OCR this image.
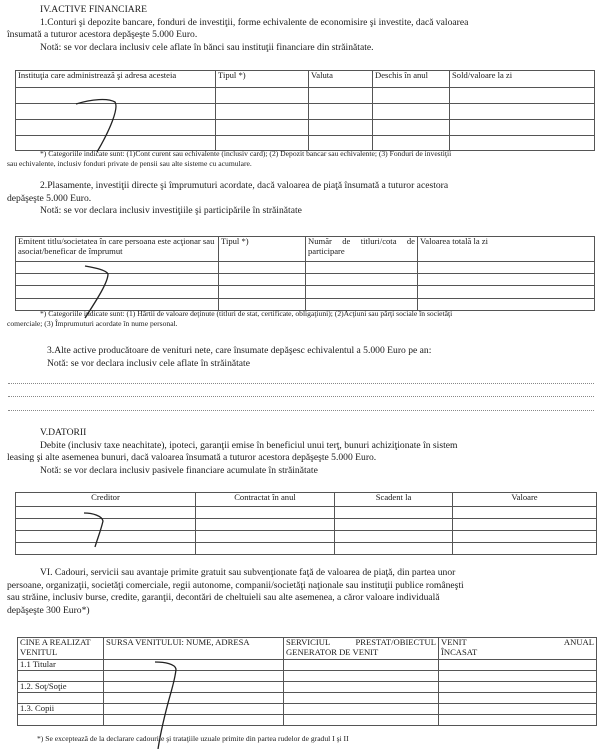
IV.ACTIVE FINANCIARE

1.Conturi şi depozite bancare, fonduri de investiţii, forme echivalente de economisire şi investite, dacă valoarea

însumată a tuturor acestora depăşeşte 5.000 Euro.

Notă: se vor declara inclusiv cele aflate în bănci sau instituţii financiare din străinătate.

Instituţia care administrează şi adresa acesteia	Tipul *)	Valuta	Deschis în anul	Sold/valoare la zi

*) Categoriile indicate sunt: (1)Cont curent sau echivalente (inclusiv card); (2) Depozit bancar sau echivalente; (3) Fonduri de investiţii

sau echivalente, inclusiv fonduri private de pensii sau alte sisteme cu acumulare.

2.Plasamente, investiţii directe şi împrumuturi acordate, dacă valoarea de piaţă însumată a tuturor acestora

depăşeşte 5.000 Euro.

Notă: se vor declara inclusiv investiţiile şi participările în străinătate

Emitent titlu/societatea în care persoana este acţionar sau asociat/beneficar de împrumut	Tipul *)	Număr de titluri/cota de participare	Valoarea totală la zi

*) Categoriile indicate sunt: (1) Hârtii de valoare deţinute (titluri de stat, certificate, obligaţiuni); (2)Acţiuni sau părţi sociale în societăţi

comerciale; (3) Împrumuturi acordate în nume personal.

3.Alte active producătoare de venituri nete, care însumate depăşesc echivalentul a 5.000 Euro pe an:

Notă: se vor declara inclusiv cele aflate în străinătate

V.DATORII

Debite (inclusiv taxe neachitate), ipoteci, garanţii emise în beneficiul unui terţ, bunuri achiziţionate în sistem

leasing şi alte asemenea bunuri, dacă valoarea însumată a tuturor acestora depăşeşte 5.000 Euro.

Notă: se vor declara inclusiv pasivele financiare acumulate în străinătate

Creditor	Contractat în anul	Scadent la	Valoare

VI. Cadouri, servicii sau avantaje primite gratuit sau subvenţionate faţă de valoarea de piaţă, din partea unor

persoane, organizaţii, societăţi comerciale, regii autonome, companii/societăţi naţionale sau instituţii publice româneşti

sau străine, inclusiv burse, credite, garanţii, decontări de cheltuieli sau alte asemenea, a căror valoare individuală

depăşeşte 300 Euro*)

CINE A REALIZAT VENITUL	SURSA VENITULUI: NUME, ADRESA	SERVICIUL PRESTAT/OBIECTUL GENERATOR DE VENIT	VENIT ANUAL
ÎNCASAT

1.1 Titular			

1.2. Soţ/Soţie			

1.3. Copii			

*) Se exceptează de la declarare cadourile şi trataţiile uzuale primite din partea rudelor de gradul I şi II
